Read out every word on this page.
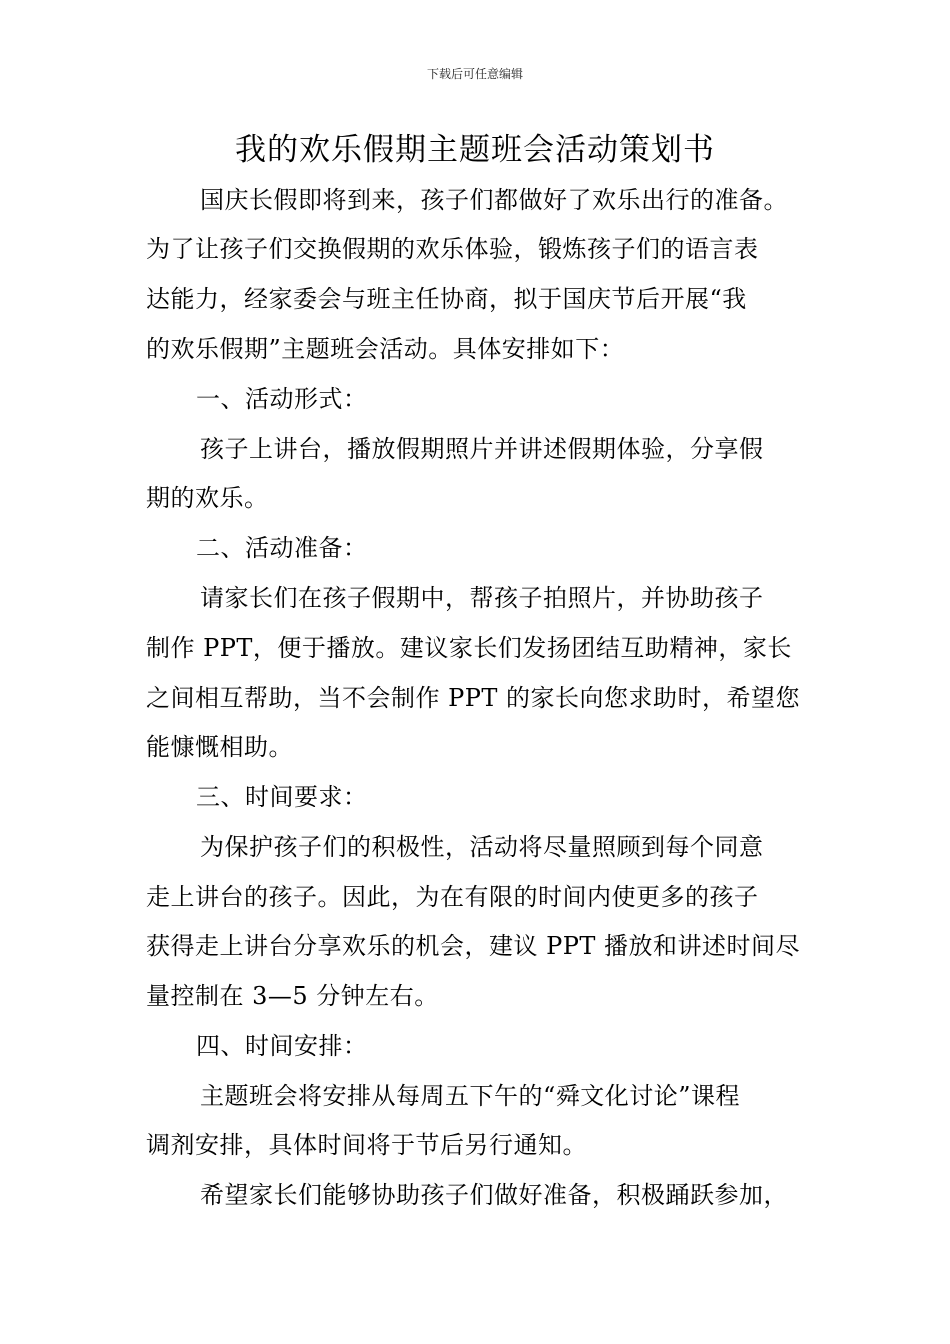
下载后可任意编辑
我的欢乐假期主题班会活动策划书
国庆长假即将到来，孩子们都做好了欢乐出行的准备。
为了让孩子们交换假期的欢乐体验，锻炼孩子们的语言表
达能力，经家委会与班主任协商，拟于国庆节后开展“我
的欢乐假期”主题班会活动。具体安排如下：
一、活动形式：
孩子上讲台，播放假期照片并讲述假期体验，分享假
期的欢乐。
二、活动准备：
请家长们在孩子假期中，帮孩子拍照片，并协助孩子
制作 PPT，便于播放。建议家长们发扬团结互助精神，家长
之间相互帮助，当不会制作 PPT 的家长向您求助时，希望您
能慷慨相助。
三、时间要求：
为保护孩子们的积极性，活动将尽量照顾到每个同意
走上讲台的孩子。因此，为在有限的时间内使更多的孩子
获得走上讲台分享欢乐的机会，建议 PPT 播放和讲述时间尽
量控制在 3—5 分钟左右。
四、时间安排：
主题班会将安排从每周五下午的“舜文化讨论”课程
调剂安排，具体时间将于节后另行通知。
希望家长们能够协助孩子们做好准备，积极踊跃参加，
